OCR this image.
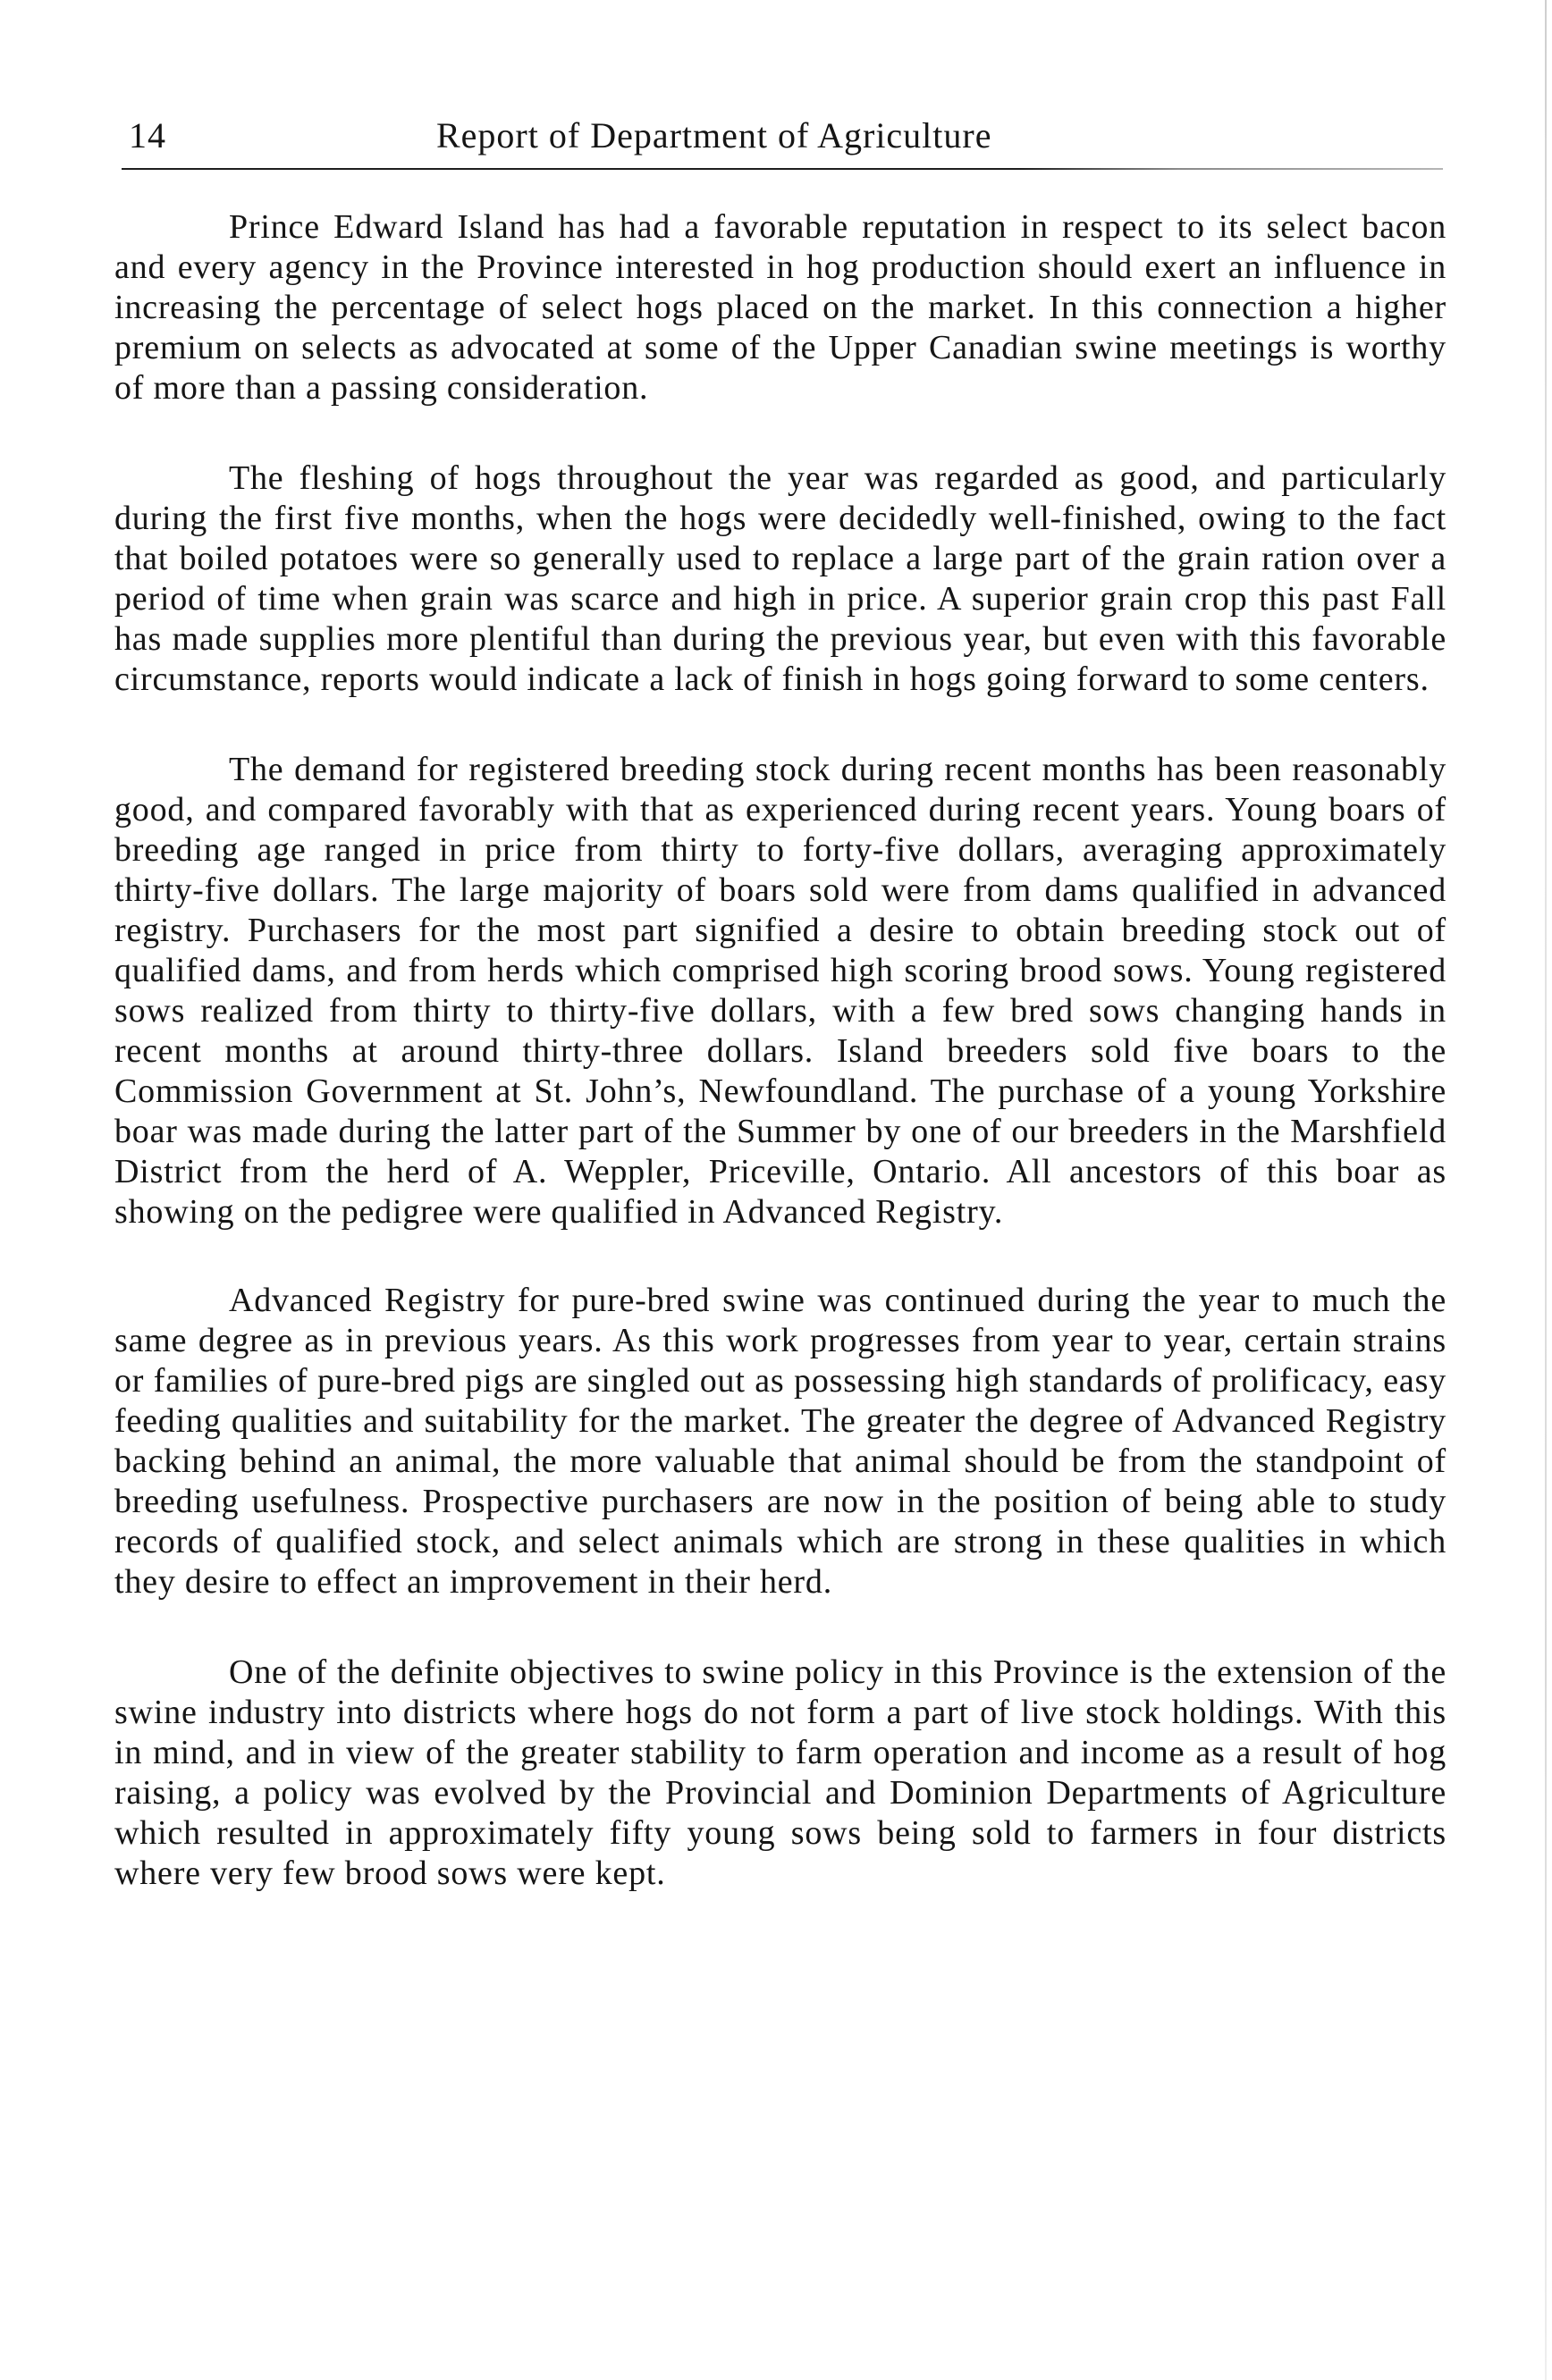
14	Report of Department of Agriculture

Prince Edward Island has had a favorable reputation in respect to its select bacon and every agency in the Province interested in hog production should exert an influence in increasing the percentage of select hogs placed on the market. In this connection a higher premium on selects as advocated at some of the Upper Canadian swine meetings is worthy of more than a passing consideration.

The fleshing of hogs throughout the year was regarded as good, and particularly during the first five months, when the hogs were decidedly well-finished, owing to the fact that boiled potatoes were so generally used to replace a large part of the grain ration over a period of time when grain was scarce and high in price. A superior grain crop this past Fall has made supplies more plentiful than during the previous year, but even with this favorable circumstance, reports would indicate a lack of finish in hogs going forward to some centers.

The demand for registered breeding stock during recent months has been reasonably good, and compared favorably with that as experienced during recent years. Young boars of breeding age ranged in price from thirty to forty-five dollars, averaging approximately thirty-five dollars. The large majority of boars sold were from dams qualified in advanced registry. Purchasers for the most part signified a desire to obtain breeding stock out of qualified dams, and from herds which comprised high scoring brood sows. Young registered sows realized from thirty to thirty-five dollars, with a few bred sows changing hands in recent months at around thirty-three dollars. Island breeders sold five boars to the Commission Government at St. John’s, Newfoundland. The purchase of a young Yorkshire boar was made during the latter part of the Summer by one of our breeders in the Marshfield District from the herd of A. Weppler, Priceville, Ontario. All ancestors of this boar as showing on the pedigree were qualified in Advanced Registry.

Advanced Registry for pure-bred swine was continued during the year to much the same degree as in previous years. As this work progresses from year to year, certain strains or families of pure-bred pigs are singled out as possessing high standards of prolificacy, easy feeding qualities and suitability for the market. The greater the degree of Advanced Registry backing behind an animal, the more valuable that animal should be from the standpoint of breeding usefulness. Prospective purchasers are now in the position of being able to study records of qualified stock, and select animals which are strong in these qualities in which they desire to effect an improvement in their herd.

One of the definite objectives to swine policy in this Province is the extension of the swine industry into districts where hogs do not form a part of live stock holdings. With this in mind, and in view of the greater stability to farm operation and income as a result of hog raising, a policy was evolved by the Provincial and Dominion Departments of Agriculture which resulted in approximately fifty young sows being sold to farmers in four districts where very few brood sows were kept.
